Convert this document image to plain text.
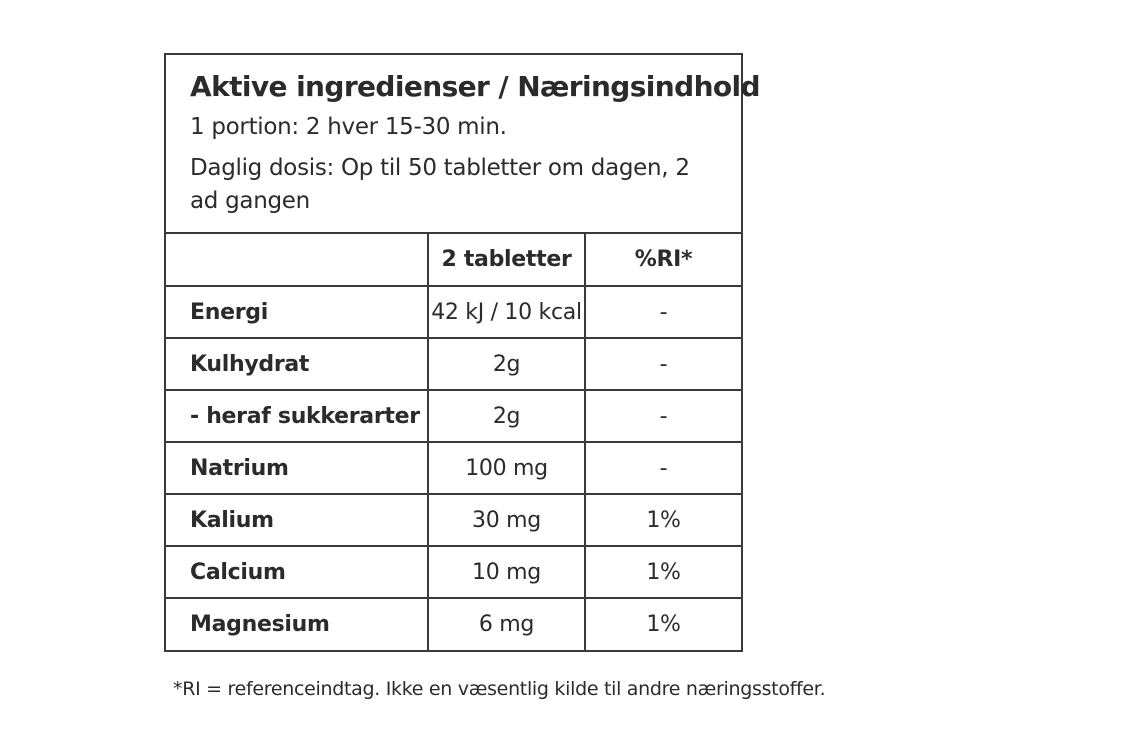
Aktive ingredienser / Næringsindhold
1 portion: 2 hver 15-30 min.
Daglig dosis: Op til 50 tabletter om dagen, 2 ad gangen
	2 tabletter	%RI*
Energi	42 kJ / 10 kcal	-
Kulhydrat	2g	-
- heraf sukkerarter	2g	-
Natrium	100 mg	-
Kalium	30 mg	1%
Calcium	10 mg	1%
Magnesium	6 mg	1%
*RI = referenceindtag. Ikke en væsentlig kilde til andre næringsstoffer.
